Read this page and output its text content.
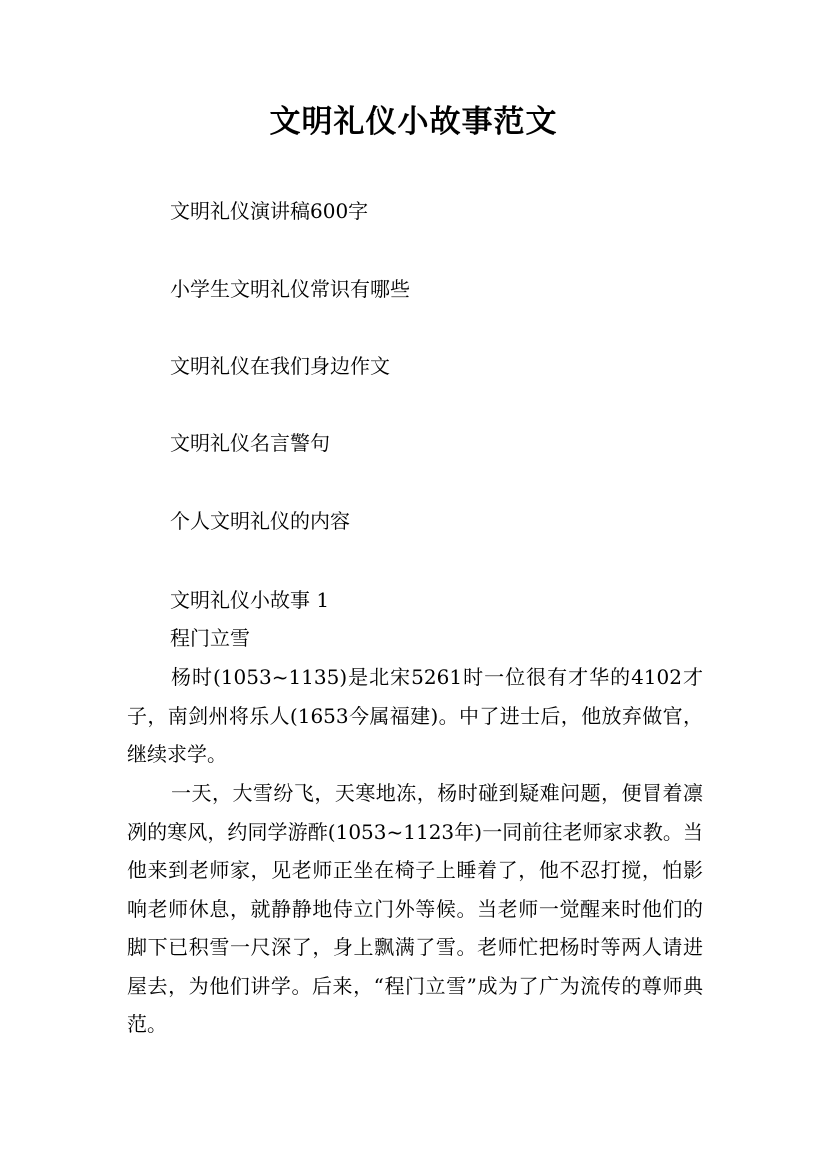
文明礼仪小故事范文
文明礼仪演讲稿600字
小学生文明礼仪常识有哪些
文明礼仪在我们身边作文
文明礼仪名言警句
个人文明礼仪的内容
文明礼仪小故事 1
程门立雪
杨时(1053~1135)是北宋5261时一位很有才华的4102才子，南剑州将乐人(1653今属福建)。中了进士后，他放弃做官，继续求学。
一天，大雪纷飞，天寒地冻，杨时碰到疑难问题，便冒着凛冽的寒风，约同学游酢(1053~1123年)一同前往老师家求教。当他来到老师家，见老师正坐在椅子上睡着了，他不忍打搅，怕影响老师休息，就静静地侍立门外等候。当老师一觉醒来时他们的脚下已积雪一尺深了，身上飘满了雪。老师忙把杨时等两人请进屋去，为他们讲学。后来，“程门立雪”成为了广为流传的尊师典范。
